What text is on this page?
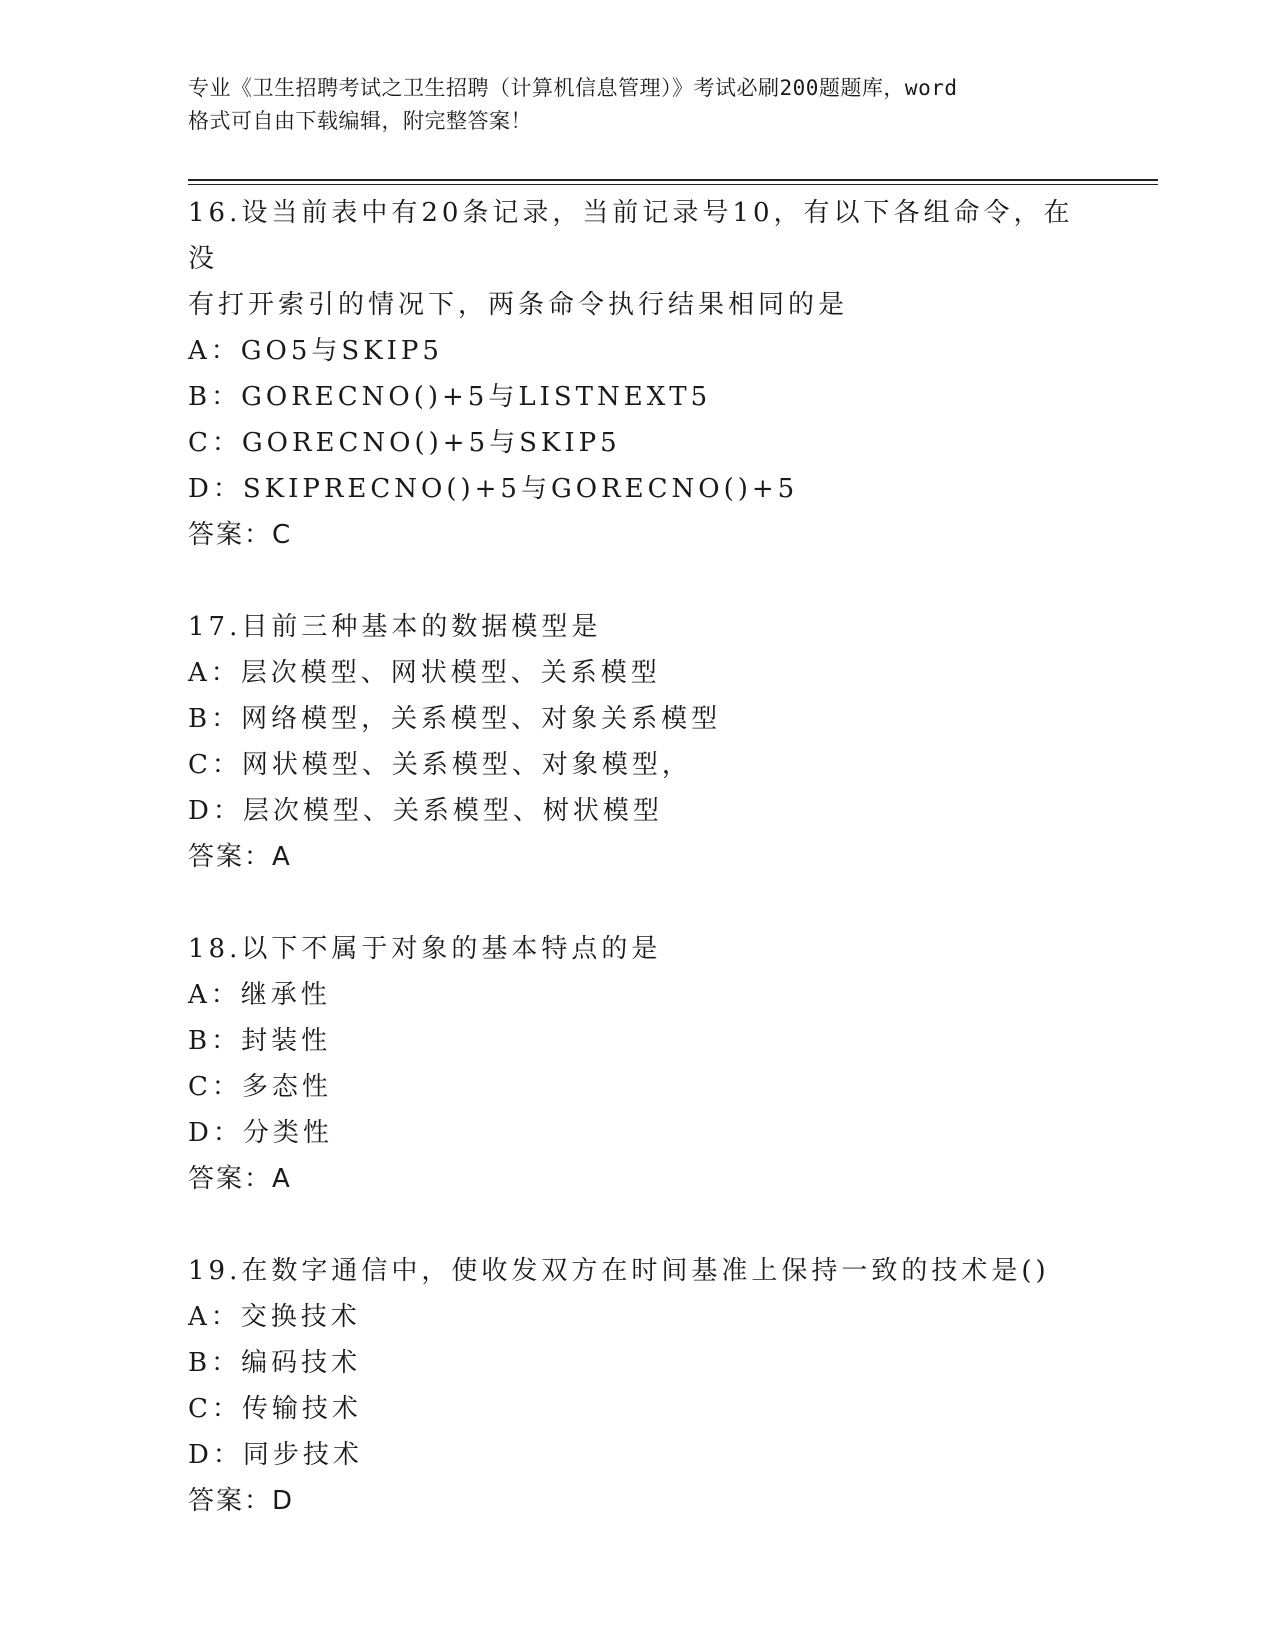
专业《卫生招聘考试之卫生招聘（计算机信息管理）》考试必刷200题题库，word
格式可自由下载编辑，附完整答案！
16.设当前表中有20条记录，当前记录号10，有以下各组命令，在没
有打开索引的情况下，两条命令执行结果相同的是
A：GO5与SKIP5
B：GORECNO()+5与LISTNEXT5
C：GORECNO()+5与SKIP5
D：SKIPRECNO()+5与GORECNO()+5
答案：C
17.目前三种基本的数据模型是
A：层次模型、网状模型、关系模型
B：网络模型，关系模型、对象关系模型
C：网状模型、关系模型、对象模型，
D：层次模型、关系模型、树状模型
答案：A
18.以下不属于对象的基本特点的是
A：继承性
B：封装性
C：多态性
D：分类性
答案：A
19.在数字通信中，使收发双方在时间基准上保持一致的技术是()
A：交换技术
B：编码技术
C：传输技术
D：同步技术
答案：D
